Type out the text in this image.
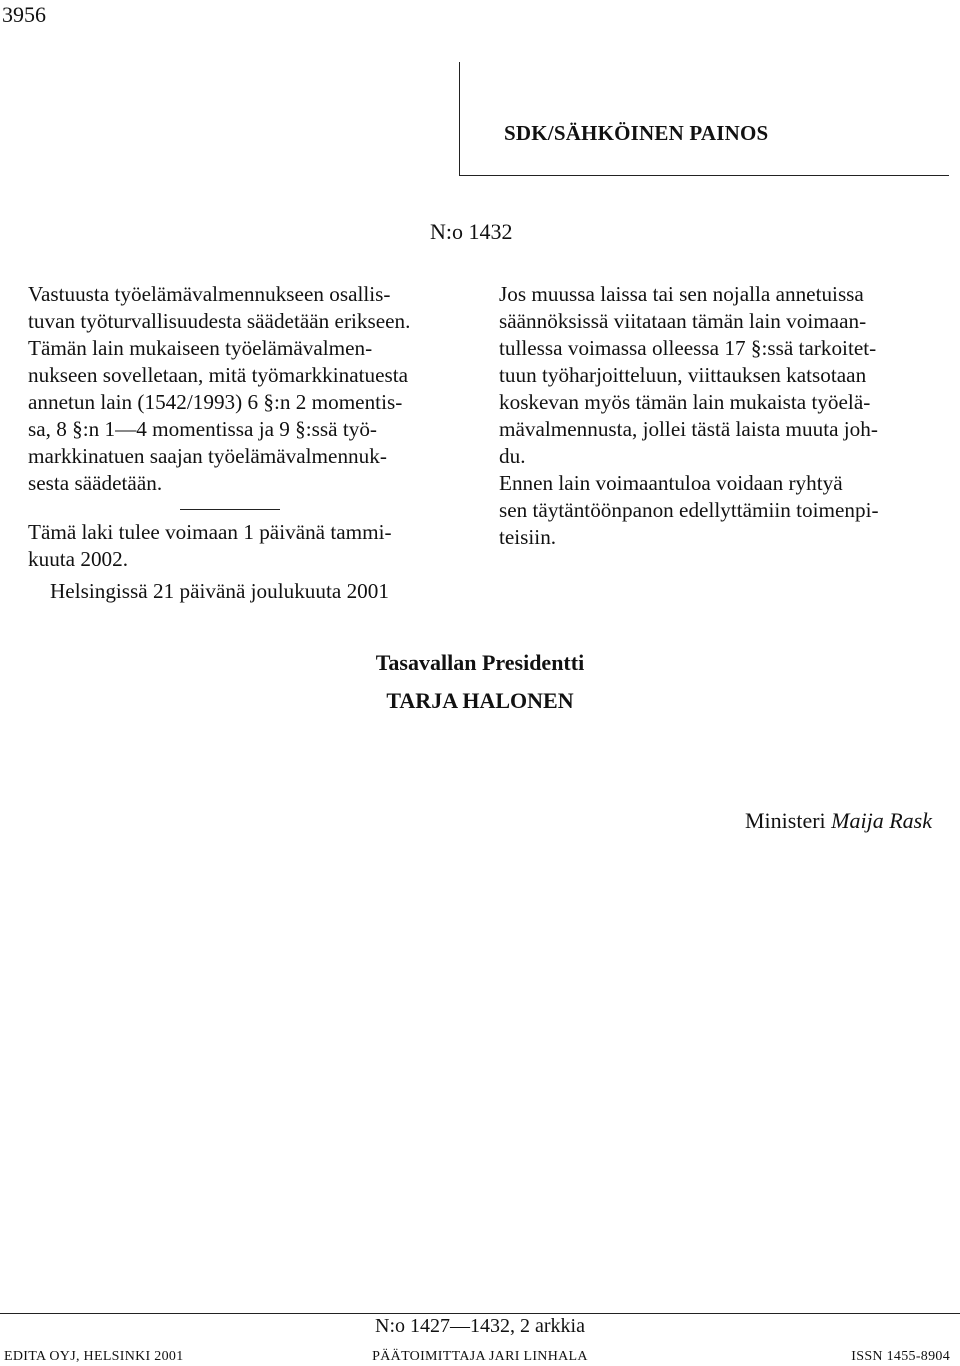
3956
SDK/SÄHKÖINEN PAINOS
N:o 1432
Vastuusta työelämävalmennukseen osallis-
tuvan työturvallisuudesta säädetään erikseen.
Tämän lain mukaiseen työelämävalmen-
nukseen sovelletaan, mitä työmarkkinatuesta
annetun lain (1542/1993) 6 §:n 2 momentis-
sa, 8 §:n 1—4 momentissa ja 9 §:ssä työ-
markkinatuen saajan työelämävalmennuk-
sesta säädetään.
Tämä laki tulee voimaan 1 päivänä tammi-
kuuta 2002.
Jos muussa laissa tai sen nojalla annetuissa
säännöksissä viitataan tämän lain voimaan-
tullessa voimassa olleessa 17 §:ssä tarkoitet-
tuun työharjoitteluun, viittauksen katsotaan
koskevan myös tämän lain mukaista työelä-
mävalmennusta, jollei tästä laista muuta joh-
du.
Ennen lain voimaantuloa voidaan ryhtyä
sen täytäntöönpanon edellyttämiin toimenpi-
teisiin.
Helsingissä 21 päivänä joulukuuta 2001
Tasavallan Presidentti
TARJA HALONEN
Ministeri Maija Rask
N:o 1427—1432, 2 arkkia
EDITA OYJ, HELSINKI 2001	PÄÄTOIMITTAJA JARI LINHALA	ISSN 1455-8904
